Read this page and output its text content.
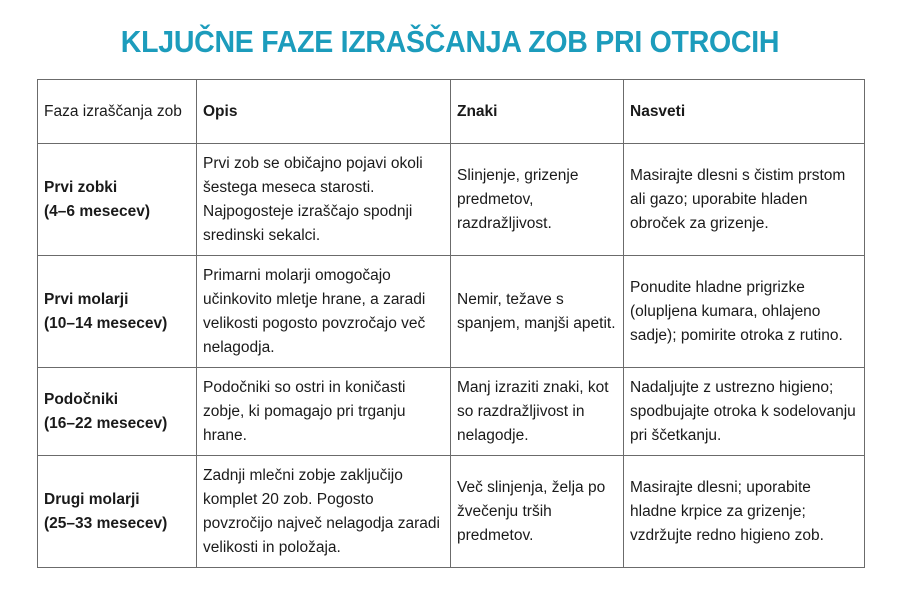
KLJUČNE FAZE IZRAŠČANJA ZOB PRI OTROCIH
Faza izraščanja zob	Opis	Znaki	Nasveti

Prvi zobki
(4–6 mesecev)	Prvi zob se običajno pojavi okoli šestega meseca starosti. Najpogosteje izraščajo spodnji sredinski sekalci.	Slinjenje, grizenje predmetov, razdražljivost.	Masirajte dlesni s čistim prstom ali gazo; uporabite hladen obroček za grizenje.

Prvi molarji
(10–14 mesecev)	Primarni molarji omogočajo učinkovito mletje hrane, a zaradi velikosti pogosto povzročajo več nelagodja.	Nemir, težave s spanjem, manjši apetit.	Ponudite hladne prigrizke (olupljena kumara, ohlajeno sadje); pomirite otroka z rutino.

Podočniki
(16–22 mesecev)	Podočniki so ostri in koničasti zobje, ki pomagajo pri trganju hrane.	Manj izraziti znaki, kot so razdražljivost in nelagodje.	Nadaljujte z ustrezno higieno; spodbujajte otroka k sodelovanju pri ščetkanju.

Drugi molarji
(25–33 mesecev)	Zadnji mlečni zobje zaključijo komplet 20 zob. Pogosto povzročijo največ nelagodja zaradi velikosti in položaja.	Več slinjenja, želja po žvečenju trših predmetov.	Masirajte dlesni; uporabite hladne krpice za grizenje; vzdržujte redno higieno zob.
